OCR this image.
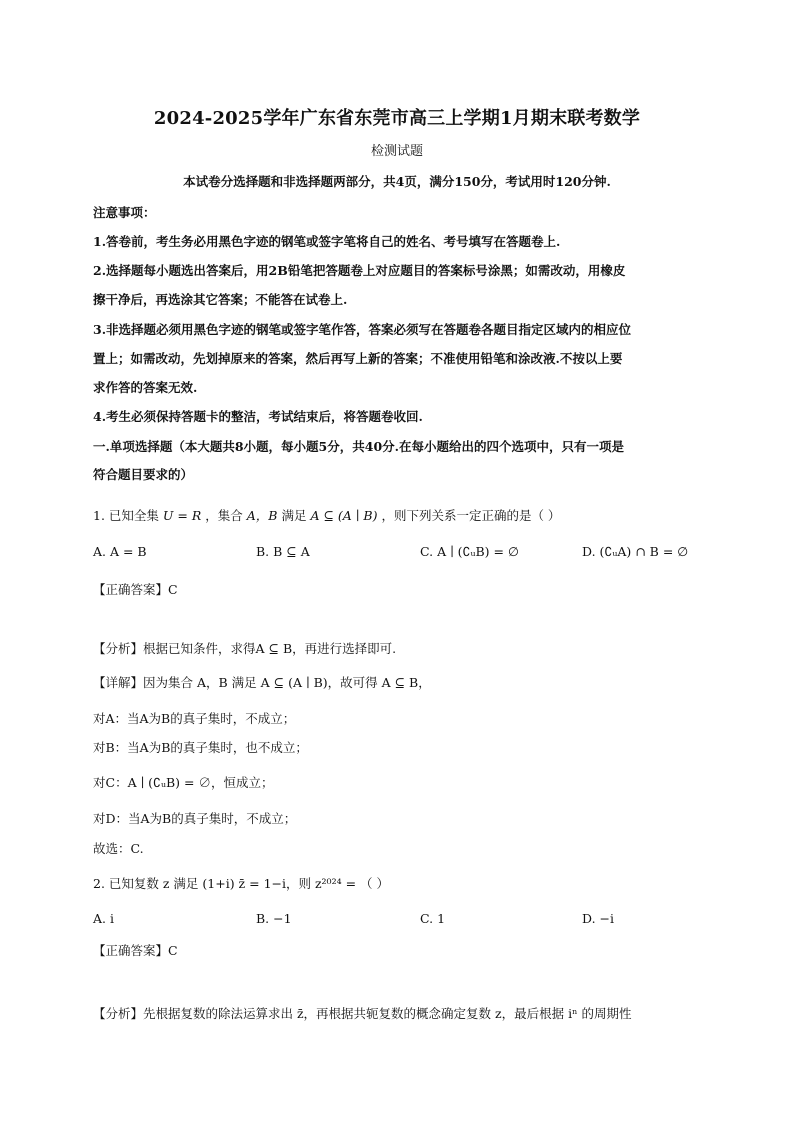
2024-2025学年广东省东莞市高三上学期1月期末联考数学
检测试题
本试卷分选择题和非选择题两部分，共4页，满分150分，考试用时120分钟.
注意事项：
1.答卷前，考生务必用黑色字迹的钢笔或签字笔将自己的姓名、考号填写在答题卷上.
2.选择题每小题选出答案后，用2B铅笔把答题卷上对应题目的答案标号涂黑；如需改动，用橡皮
擦干净后，再选涂其它答案；不能答在试卷上.
3.非选择题必须用黑色字迹的钢笔或签字笔作答，答案必须写在答题卷各题目指定区域内的相应位
置上；如需改动，先划掉原来的答案，然后再写上新的答案；不准使用铅笔和涂改液.不按以上要
求作答的答案无效.
4.考生必须保持答题卡的整洁，考试结束后，将答题卷收回.
一.单项选择题（本大题共8小题，每小题5分，共40分.在每小题给出的四个选项中，只有一项是
符合题目要求的）
1. 已知全集 U = R ，集合 A，B 满足 A ⊆ (A ∣ B) ，则下列关系一定正确的是（ ）
A. A = B	B. B ⊆ A	C. A ∣ (∁ᵤB) = ∅	D. (∁ᵤA) ∩ B = ∅
【正确答案】C
【分析】根据已知条件，求得A ⊆ B，再进行选择即可.
【详解】因为集合 A，B 满足 A ⊆ (A ∣ B)，故可得 A ⊆ B，
对A：当A为B的真子集时，不成立；
对B：当A为B的真子集时，也不成立；
对C：A ∣ (∁ᵤB) = ∅，恒成立；
对D：当A为B的真子集时，不成立；
故选：C.
2. 已知复数 z 满足 (1+i) z̄ = 1−i，则 z²⁰²⁴ = （ ）
A. i	B. −1	C. 1	D. −i
【正确答案】C
【分析】先根据复数的除法运算求出 z̄，再根据共轭复数的概念确定复数 z，最后根据 iⁿ 的周期性
